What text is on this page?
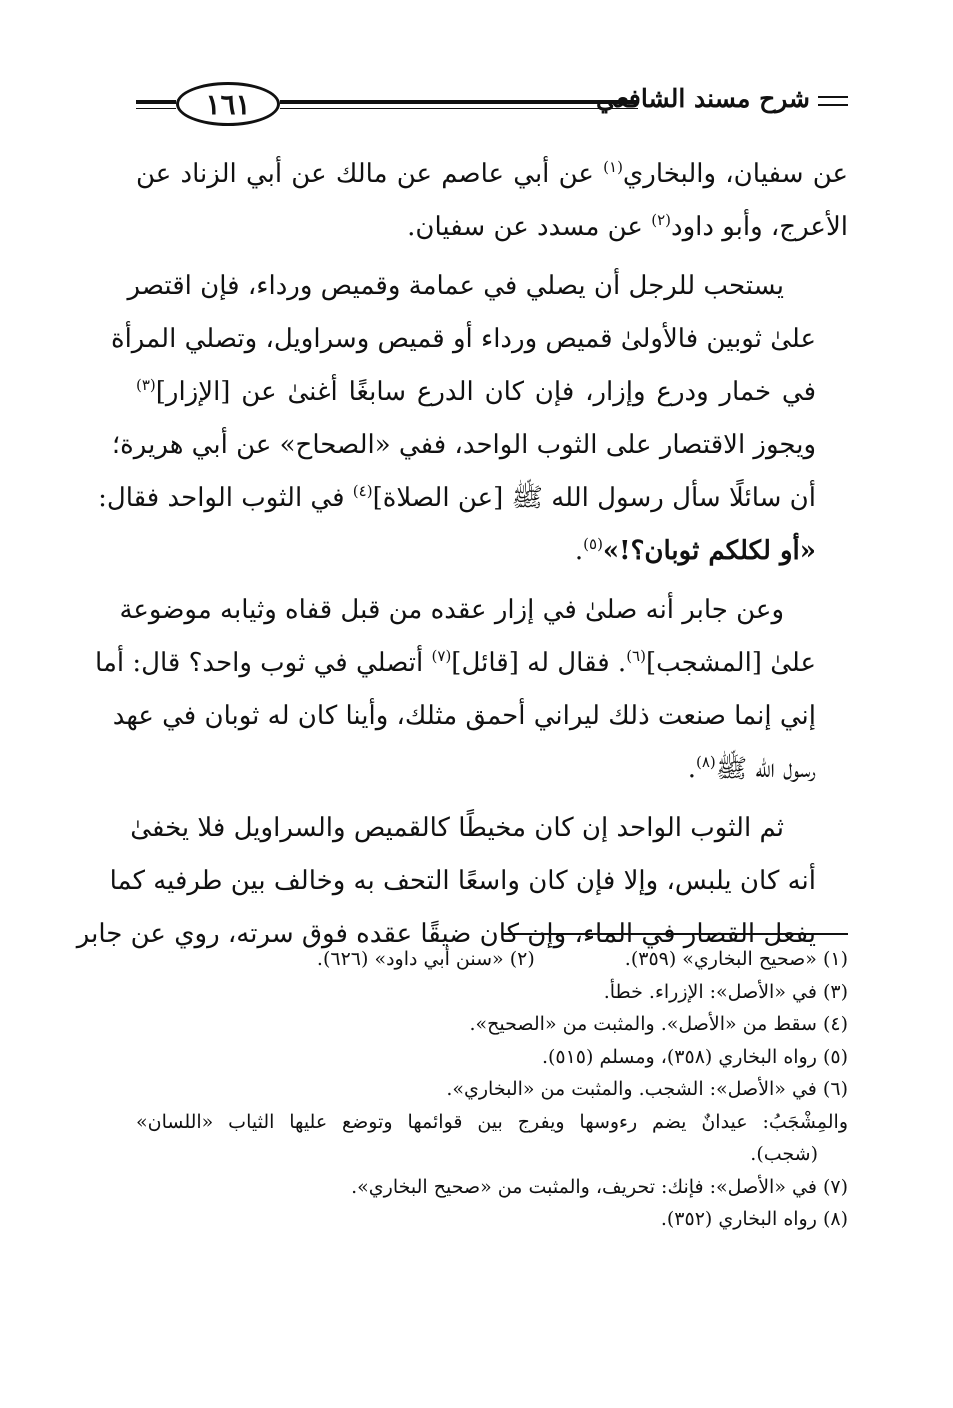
١٦١	شرح مسند الشافعي

عن سفيان، والبخاري$^{(١)}$ عن أبي عاصم عن مالك عن أبي الزناد عن
الأعرج، وأبو داود$^{(٢)}$ عن مسدد عن سفيان.

يستحب للرجل أن يصلي في عمامة وقميص ورداء، فإن اقتصر
علىٰ ثوبين فالأولىٰ قميص ورداء أو قميص وسراويل، وتصلي المرأة
في خمار ودرع وإزار، فإن كان الدرع سابغًا أغنىٰ عن [الإزار]$^{(٣)}$
ويجوز الاقتصار على الثوب الواحد، ففي «الصحاح» عن أبي هريرة؛
أن سائلًا سأل رسول الله ﷺ [عن الصلاة]$^{(٤)}$ في الثوب الواحد فقال:
«أو لكلكم ثوبان؟!»$^{(٥)}$.

وعن جابر أنه صلىٰ في إزار عقده من قبل قفاه وثيابه موضوعة
علىٰ [المشجب]$^{(٦)}$. فقال له [قائل]$^{(٧)}$ أتصلي في ثوب واحد؟ قال: أما
إني إنما صنعت ذلك ليراني أحمق مثلك، وأينا كان له ثوبان في عهد
رسول الله ﷺ$^{(٨)}$.

ثم الثوب الواحد إن كان مخيطًا كالقميص والسراويل فلا يخفىٰ
أنه كان يلبس، وإلا فإن كان واسعًا التحف به وخالف بين طرفيه كما
يفعل القصار في الماء، وإن كان ضيقًا عقده فوق سرته، روي عن جابر

(١) «صحيح البخاري» (٣٥٩).
(٢) «سنن أبي داود» (٦٢٦).
(٣) في «الأصل»: الإزراء. خطأ.
(٤) سقط من «الأصل». والمثبت من «الصحيح».
(٥) رواه البخاري (٣٥٨)، ومسلم (٥١٥).
(٦) في «الأصل»: الشجب. والمثبت من «البخاري».
والمِشْجَبُ: عيدانٌ يضم رءوسها ويفرج بين قوائمها وتوضع عليها الثياب «اللسان»
(شجب).
(٧) في «الأصل»: فإنك: تحريف، والمثبت من «صحيح البخاري».
(٨) رواه البخاري (٣٥٢).
